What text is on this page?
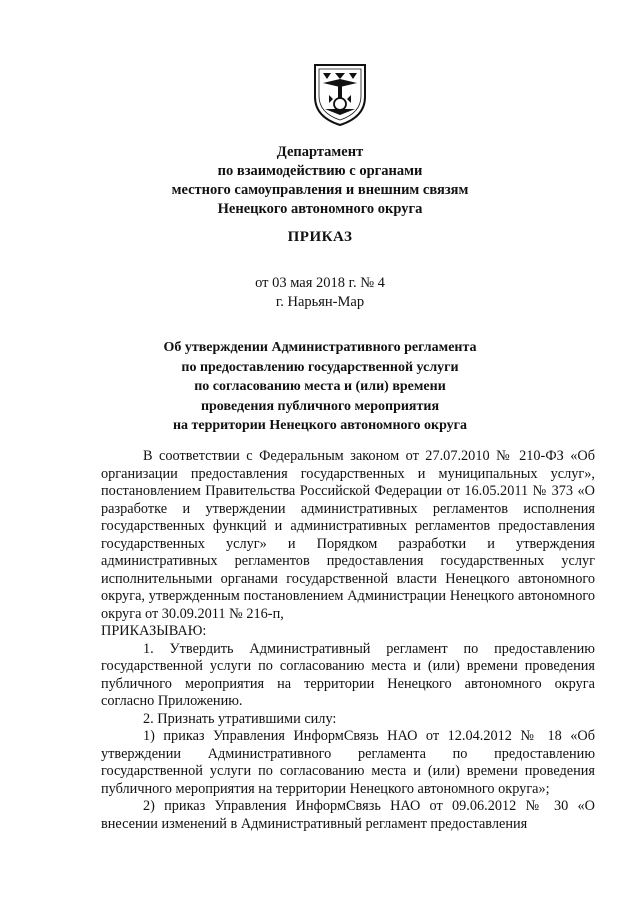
Департамент
по взаимодействию с органами
местного самоуправления и внешним связям
Ненецкого автономного округа
ПРИКАЗ
от 03 мая 2018 г. № 4
г. Нарьян-Мар
Об утверждении Административного регламента
по предоставлению государственной услуги
по согласованию места и (или) времени
проведения публичного мероприятия
на территории Ненецкого автономного округа

В соответствии с Федеральным законом от 27.07.2010 № 210-ФЗ «Об организации предоставления государственных и муниципальных услуг», постановлением Правительства Российской Федерации от 16.05.2011 № 373 «О разработке и утверждении административных регламентов исполнения государственных функций и административных регламентов предоставления государственных услуг» и Порядком разработки и утверждения административных регламентов предоставления государственных услуг исполнительными органами государственной власти Ненецкого автономного округа, утвержденным постановлением Администрации Ненецкого автономного округа от 30.09.2011 № 216-п,

ПРИКАЗЫВАЮ:

1. Утвердить Административный регламент по предоставлению государственной услуги по согласованию места и (или) времени проведения публичного мероприятия на территории Ненецкого автономного округа согласно Приложению.

2. Признать утратившими силу:

1) приказ Управления ИнформСвязь НАО от 12.04.2012 № 18 «Об утверждении Административного регламента по предоставлению государственной услуги по согласованию места и (или) времени проведения публичного мероприятия на территории Ненецкого автономного округа»;

2) приказ Управления ИнформСвязь НАО от 09.06.2012 № 30 «О внесении изменений в Административный регламент предоставления
